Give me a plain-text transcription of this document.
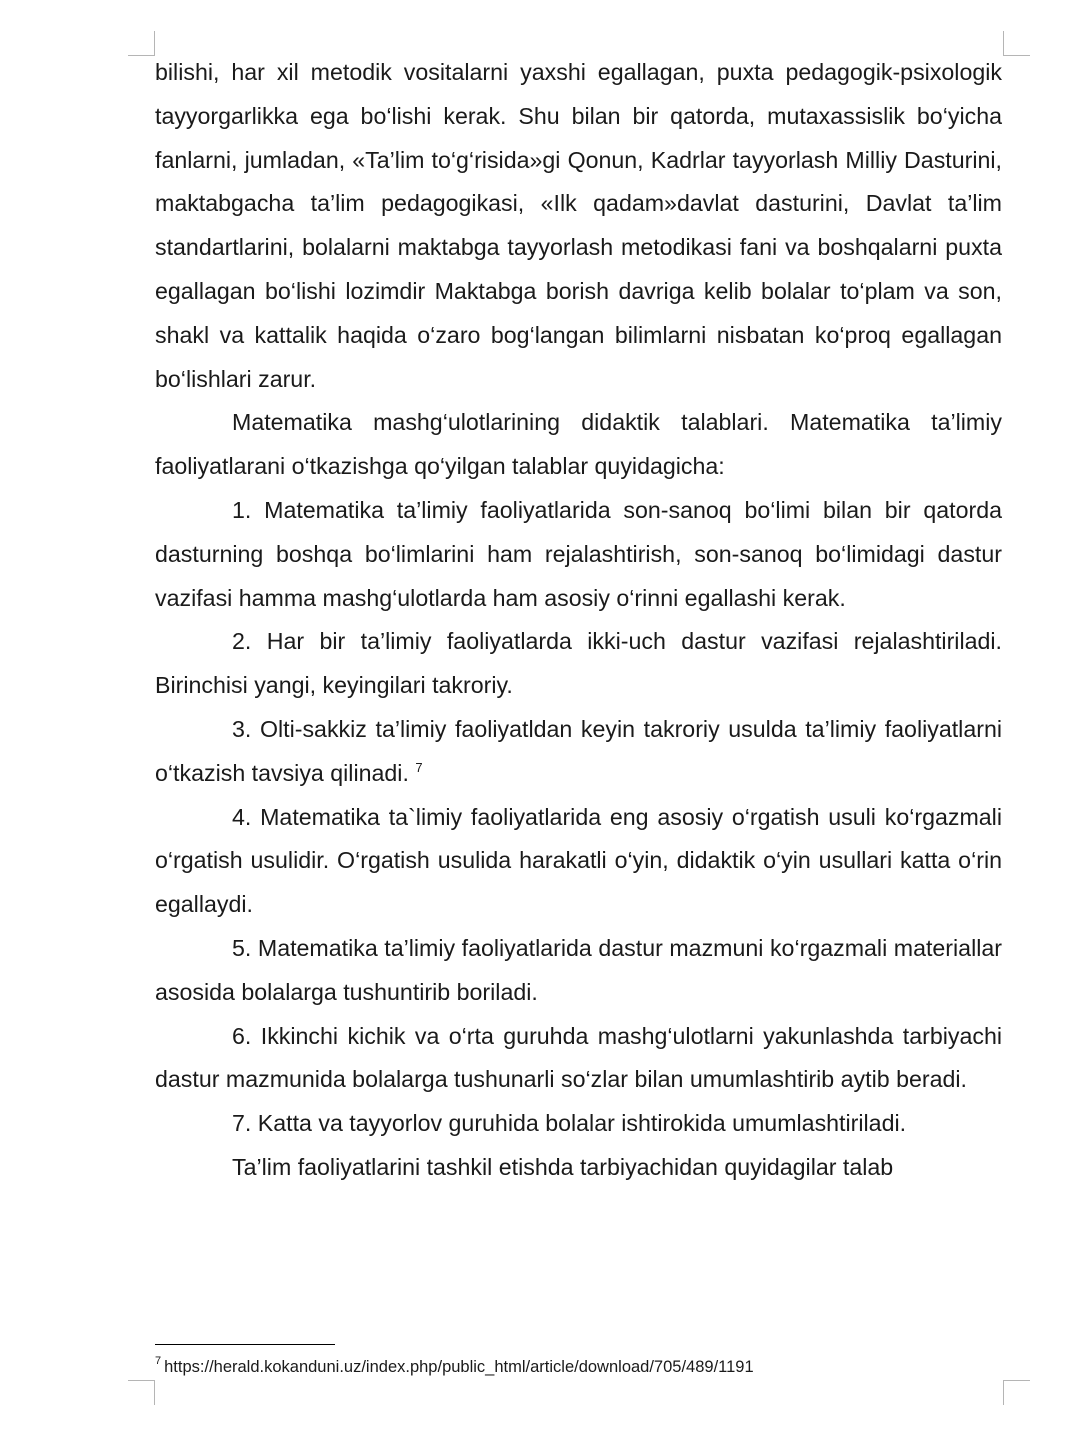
bilishi, har xil metodik vositalarni yaxshi egallagan, puxta pedagogik-psixologik tayyorgarlikka ega bo‘lishi kerak. Shu bilan bir qatorda, mutaxassislik bo‘yicha fanlarni, jumladan, «Ta’lim to‘g‘risida»gi Qonun, Kadrlar tayyorlash Milliy Dasturini, maktabgacha ta’lim pedagogikasi, «Ilk qadam»davlat dasturini, Davlat ta’lim standartlarini, bolalarni maktabga tayyorlash metodikasi fani va boshqalarni puxta egallagan bo‘lishi lozimdir Maktabga borish davriga kelib bolalar to‘plam va son, shakl va kattalik haqida o‘zaro bog‘langan bilimlarni nisbatan ko‘proq egallagan bo‘lishlari zarur.

Matematika mashg‘ulotlarining didaktik talablari. Matematika ta’limiy faoliyatlarani o‘tkazishga qo‘yilgan talablar quyidagicha:

1. Matematika ta’limiy faoliyatlarida son-sanoq bo‘limi bilan bir qatorda dasturning boshqa bo‘limlarini ham rejalashtirish, son-sanoq bo‘limidagi dastur vazifasi hamma mashg‘ulotlarda ham asosiy o‘rinni egallashi kerak.

2. Har bir ta’limiy faoliyatlarda ikki-uch dastur vazifasi rejalashtiriladi. Birinchisi yangi, keyingilari takroriy.

3. Olti-sakkiz ta’limiy faoliyatldan keyin takroriy usulda ta’limiy faoliyatlarni o‘tkazish tavsiya qilinadi. $^7$

4. Matematika ta`limiy faoliyatlarida eng asosiy o‘rgatish usuli ko‘rgazmali o‘rgatish usulidir. O‘rgatish usulida harakatli o‘yin, didaktik o‘yin usullari katta o‘rin egallaydi.

5. Matematika ta’limiy faoliyatlarida dastur mazmuni ko‘rgazmali materiallar asosida bolalarga tushuntirib boriladi.

6. Ikkinchi kichik va o‘rta guruhda mashg‘ulotlarni yakunlashda tarbiyachi dastur mazmunida bolalarga tushunarli so‘zlar bilan umumlashtirib aytib beradi.

7. Katta va tayyorlov guruhida bolalar ishtirokida umumlashtiriladi.

Ta’lim faoliyatlarini tashkil etishda tarbiyachidan quyidagilar talab

$^7$ https://herald.kokanduni.uz/index.php/public_html/article/download/705/489/1191
